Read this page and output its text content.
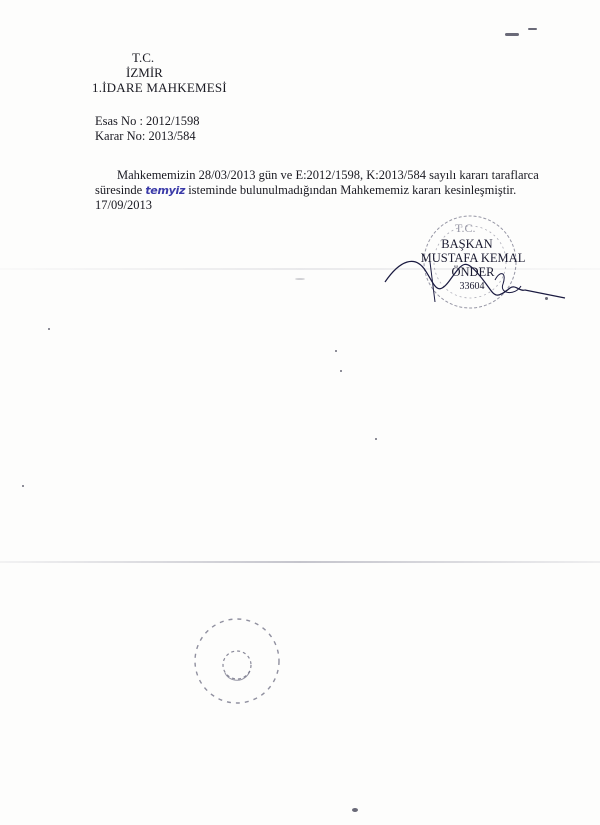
T.C.
İZMİR
1.İDARE MAHKEMESİ
Esas No : 2012/1598
Karar No: 2013/584
Mahkememizin 28/03/2013 gün ve E:2012/1598, K:2013/584 sayılı kararı taraflarca
süresinde temyiz isteminde bulunulmadığından Mahkememiz kararı kesinleşmiştir.
17/09/2013
T.C.
BAŞKAN
MUSTAFA KEMAL
ÖNDER
33604
